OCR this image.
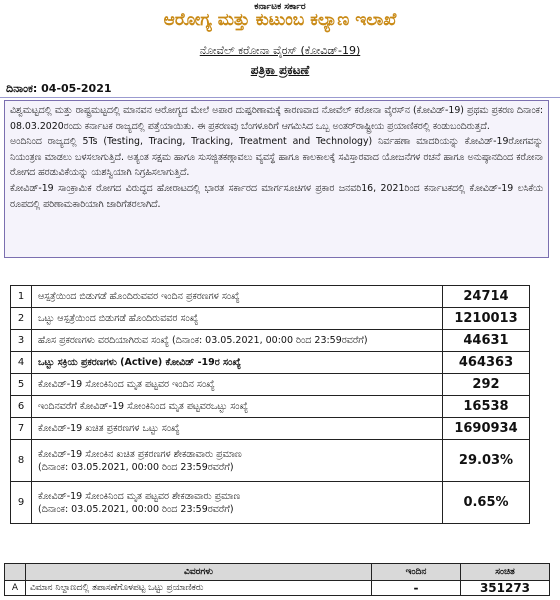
ಕರ್ನಾಟಕ ಸರ್ಕಾರ
ಆರೋಗ್ಯ ಮತ್ತು ಕುಟುಂಬ ಕಲ್ಯಾಣ ಇಲಾಖೆ
ನೋವೆಲ್ ಕರೋನಾ ವೈರಸ್ (ಕೋವಿಡ್-19)
ಪತ್ರಿಕಾ ಪ್ರಕಟಣೆ
ದಿನಾಂಕ: 04-05-2021

ವಿಶ್ವಮಟ್ಟದಲ್ಲಿ ಮತ್ತು ರಾಷ್ಟ್ರಮಟ್ಟದಲ್ಲಿ ಮಾನವನ ಆರೋಗ್ಯದ ಮೇಲೆ ಅಪಾರ ದುಷ್ಪರಿಣಾಮಕ್ಕೆ ಕಾರಣವಾದ ನೋವೆಲ್ ಕರೋನಾ ವೈರಸ್‌ನ (ಕೋವಿಡ್-19) ಪ್ರಥಮ ಪ್ರಕರಣ ದಿನಾಂಕ: 08.03.2020ರಂದು ಕರ್ನಾಟಕ ರಾಜ್ಯದಲ್ಲಿ ಪತ್ತೆಯಾಯಿತು. ಈ ಪ್ರಕರಣವು ಬೆಂಗಳೂರಿಗೆ ಆಗಮಿಸಿದ ಒಬ್ಬ ಅಂತರ್‌ರಾಷ್ಟ್ರೀಯ ಪ್ರಯಾಣಿಕರಲ್ಲಿ ಕಂಡುಬಂದಿರುತ್ತದೆ.

ಅಂದಿನಿಂದ ರಾಜ್ಯದಲ್ಲಿ 5Ts (Testing, Tracing, Tracking, Treatment and Technology) ನಿರ್ವಹಣಾ ಮಾದರಿಯನ್ನು ಕೋವಿಡ್-19ರೋಗವನ್ನು ನಿಯಂತ್ರಣ ಮಾಡಲು ಬಳಸಲಾಗುತ್ತಿದೆ. ಅತ್ಯಂತ ಸಕ್ಷಮ ಹಾಗೂ ಸುಸಜ್ಜಿತಕಣ್ಗಾವಲು ವ್ಯವಸ್ಥೆ ಹಾಗೂ ಕಾಲಕಾಲಕ್ಕೆ ಸವಿಸ್ತಾರವಾದ ಯೋಜನೆಗಳ ರಚನೆ ಹಾಗೂ ಅನುಷ್ಠಾನದಿಂದ ಕರೋನಾ ರೋಗದ ಹರಡುವಿಕೆಯನ್ನು ಯಶಸ್ವಿಯಾಗಿ ನಿಗ್ರಹಿಸಲಾಗುತ್ತಿದೆ.

ಕೋವಿಡ್-19 ಸಾಂಕ್ರಾಮಿಕ ರೋಗದ ವಿರುದ್ಧದ ಹೋರಾಟದಲ್ಲಿ ಭಾರತ ಸರ್ಕಾರದ ಮಾರ್ಗಸೂಚಿಗಳ ಪ್ರಕಾರ ಜನವರಿ16, 2021ರಿಂದ ಕರ್ನಾಟಕದಲ್ಲಿ ಕೋವಿಡ್-19 ಲಸಿಕೆಯ ರೂಪದಲ್ಲಿ ಪರಿಣಾಮಕಾರಿಯಾಗಿ ಜಾರಿಗೆತರಲಾಗಿದೆ.

1	ಆಸ್ಪತ್ರೆಯಿಂದ ಬಿಡುಗಡೆ ಹೊಂದಿರುವವರ ಇಂದಿನ ಪ್ರಕರಣಗಳ ಸಂಖ್ಯೆ	24714
2	ಒಟ್ಟು ಆಸ್ಪತ್ರೆಯಿಂದ ಬಿಡುಗಡೆ ಹೊಂದಿರುವವರ ಸಂಖ್ಯೆ	1210013
3	ಹೊಸ ಪ್ರಕರಣಗಳು ವರದಿಯಾಗಿರುವ ಸಂಖ್ಯೆ (ದಿನಾಂಕ: 03.05.2021, 00:00 ರಿಂದ 23:59ರವರೆಗೆ)	44631
4	ಒಟ್ಟು ಸಕ್ರಿಯ ಪ್ರಕರಣಗಳು (Active) ಕೋವಿಡ್ -19ರ ಸಂಖ್ಯೆ	464363
5	ಕೋವಿಡ್-19 ಸೋಂಕಿನಿಂದ ಮೃತ ಪಟ್ಟವರ ಇಂದಿನ ಸಂಖ್ಯೆ	292
6	ಇಂದಿನವರೆಗೆ ಕೋವಿಡ್-19 ಸೋಂಕಿನಿಂದ ಮೃತ ಪಟ್ಟವರಒಟ್ಟು ಸಂಖ್ಯೆ	16538
7	ಕೋವಿಡ್-19 ಖಚಿತ ಪ್ರಕರಣಗಳ ಒಟ್ಟು ಸಂಖ್ಯೆ	1690934
8	ಕೋವಿಡ್-19 ಸೋಂಕಿನ ಖಚಿತ ಪ್ರಕರಣಗಳ ಶೇಕಡಾವಾರು ಪ್ರಮಾಣ
(ದಿನಾಂಕ: 03.05.2021, 00:00 ರಿಂದ 23:59ರವರೆಗೆ)	29.03%
9	ಕೋವಿಡ್-19 ಸೋಂಕಿನಿಂದ ಮೃತ ಪಟ್ಟವರ ಶೇಕಡಾವಾರು ಪ್ರಮಾಣ
(ದಿನಾಂಕ: 03.05.2021, 00:00 ರಿಂದ 23:59ರವರೆಗೆ)	0.65%
	ವಿವರಗಳು	ಇಂದಿನ	ಸಂಚಿತ
A	ವಿಮಾನ ನಿಲ್ದಾಣದಲ್ಲಿ ತಪಾಸಣೆಗೊಳಪಟ್ಟ ಒಟ್ಟು ಪ್ರಯಾಣಿಕರು	-	351273
